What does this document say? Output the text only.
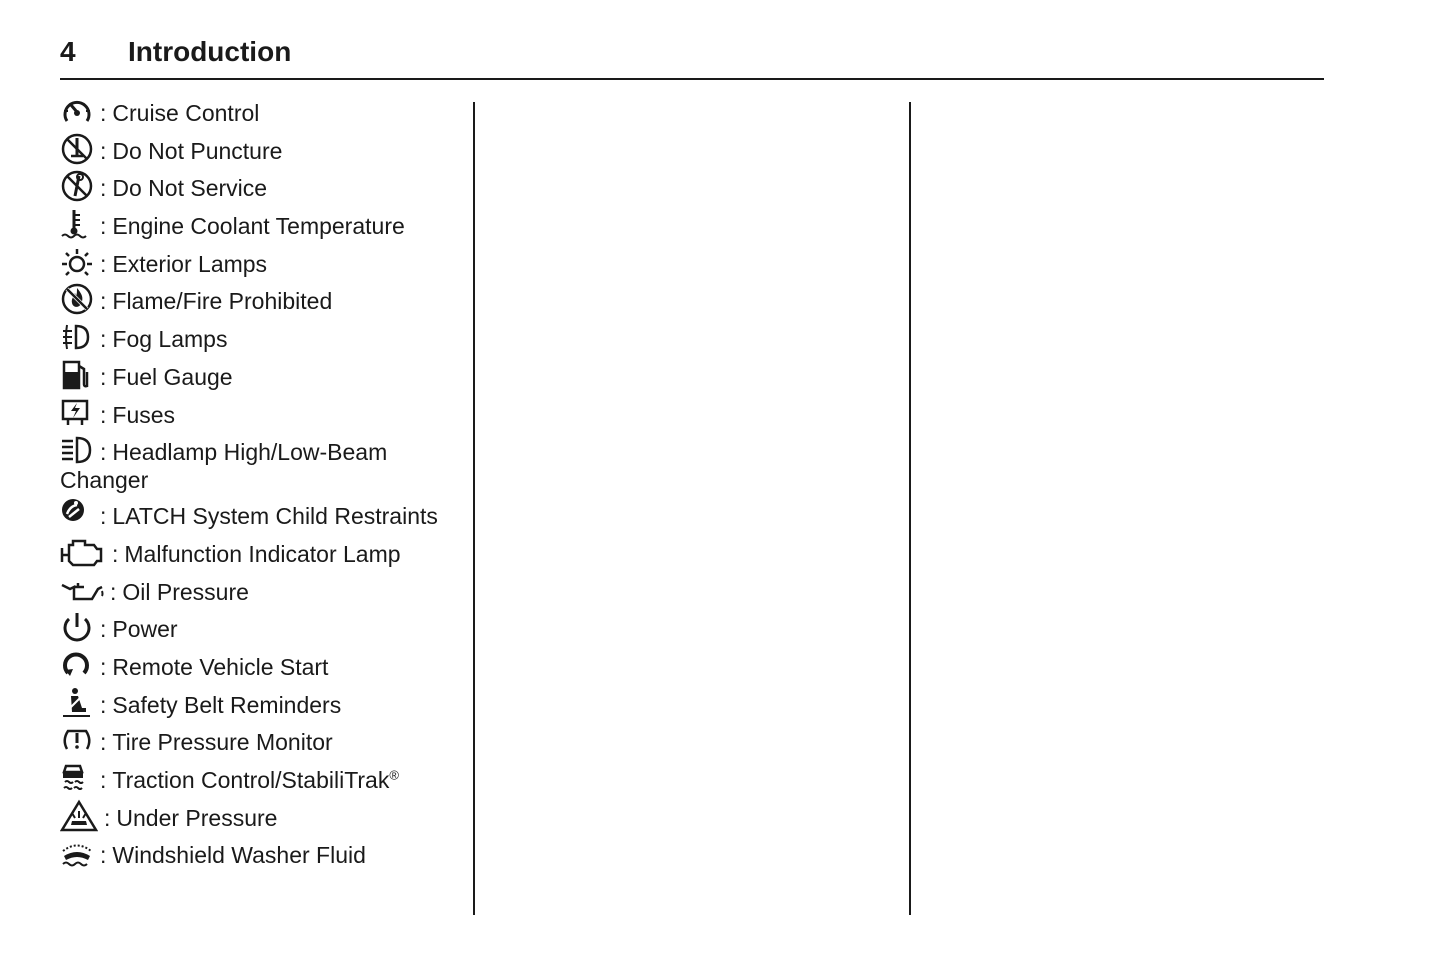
4 Introduction
: Cruise Control
: Do Not Puncture
: Do Not Service
: Engine Coolant Temperature
: Exterior Lamps
: Flame/Fire Prohibited
: Fog Lamps
: Fuel Gauge
: Fuses
: Headlamp High/Low-Beam
Changer
: LATCH System Child Restraints
: Malfunction Indicator Lamp
: Oil Pressure
: Power
: Remote Vehicle Start
: Safety Belt Reminders
: Tire Pressure Monitor
: Traction Control/StabiliTrak®
: Under Pressure
: Windshield Washer Fluid
